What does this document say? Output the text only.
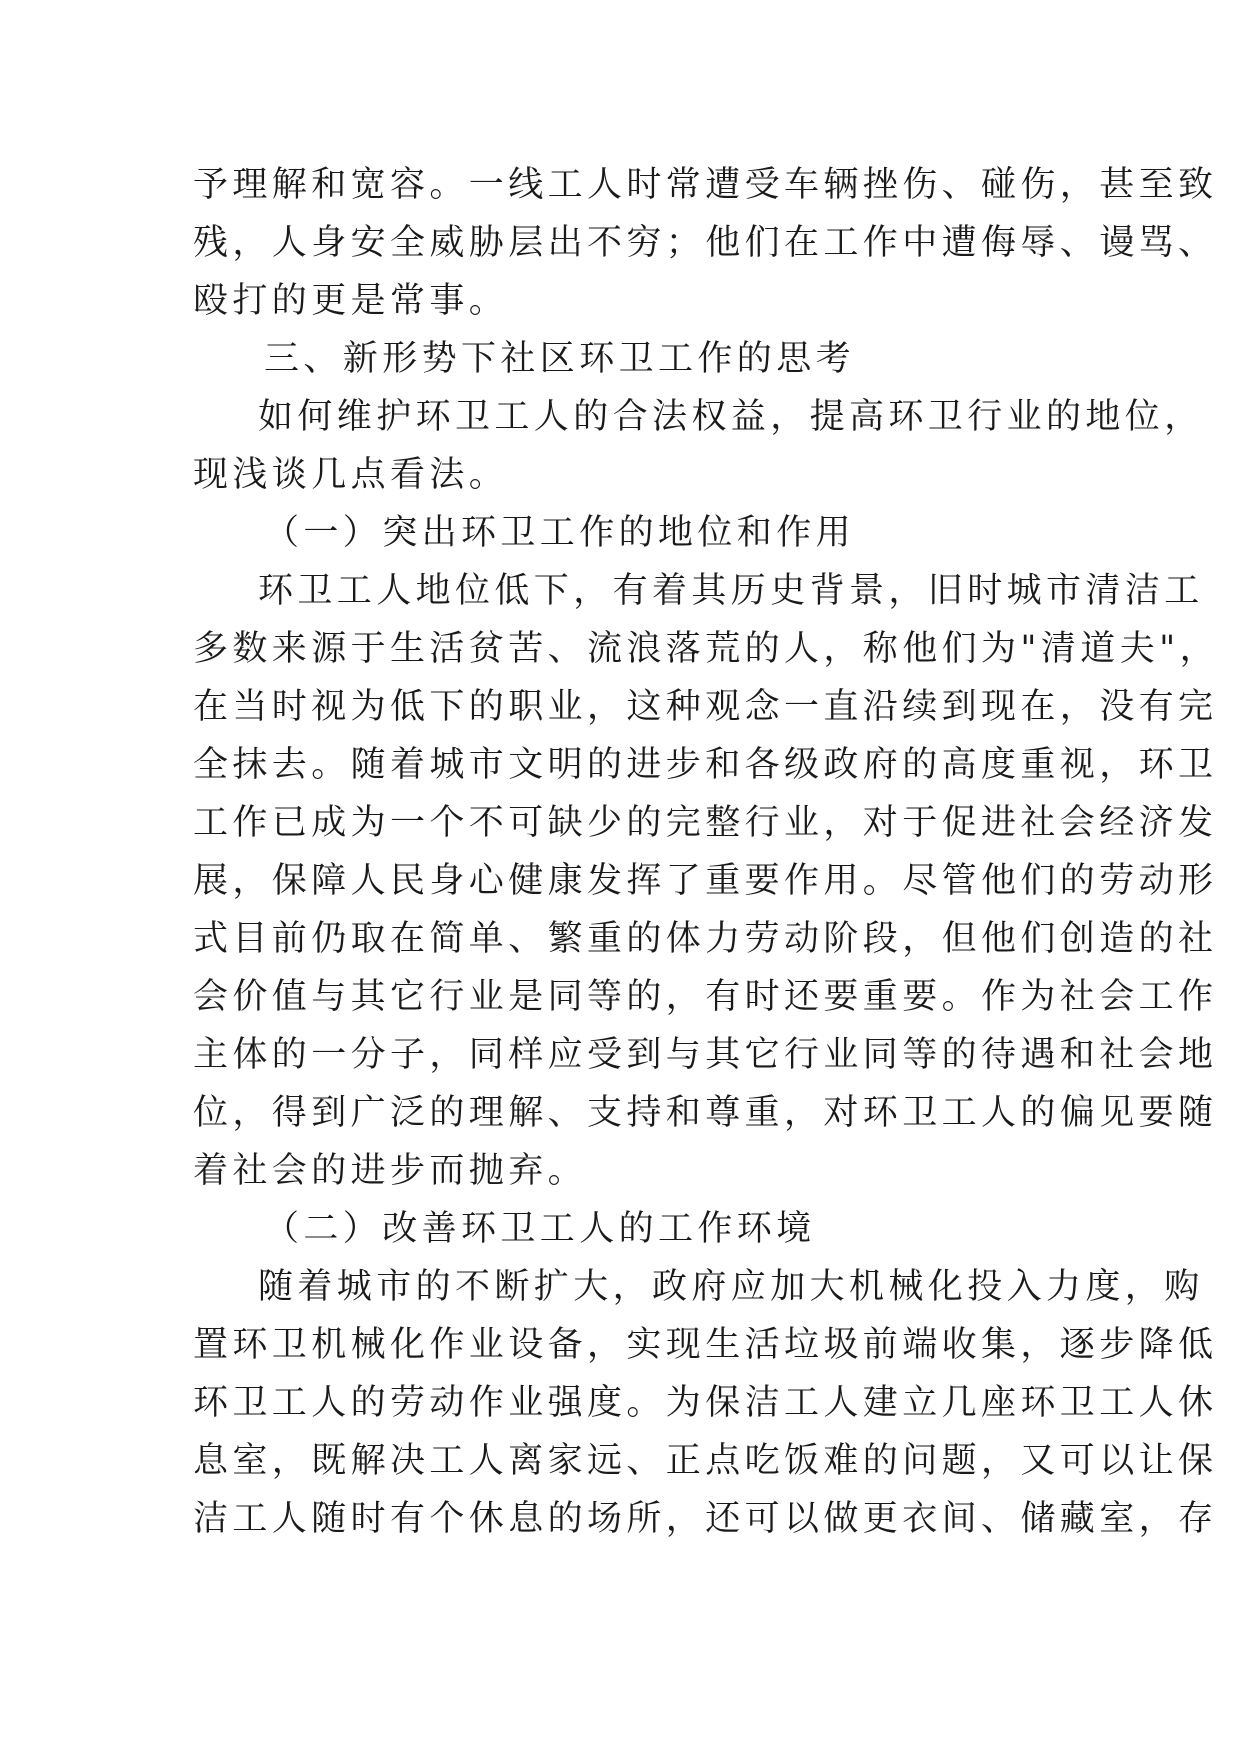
予理解和宽容。一线工人时常遭受车辆挫伤、碰伤，甚至致
残，人身安全威胁层出不穷；他们在工作中遭侮辱、谩骂、
殴打的更是常事。
三、新形势下社区环卫工作的思考
如何维护环卫工人的合法权益，提高环卫行业的地位，
现浅谈几点看法。
（一）突出环卫工作的地位和作用
环卫工人地位低下，有着其历史背景，旧时城市清洁工
多数来源于生活贫苦、流浪落荒的人，称他们为"清道夫"，
在当时视为低下的职业，这种观念一直沿续到现在，没有完
全抹去。随着城市文明的进步和各级政府的高度重视，环卫
工作已成为一个不可缺少的完整行业，对于促进社会经济发
展，保障人民身心健康发挥了重要作用。尽管他们的劳动形
式目前仍取在简单、繁重的体力劳动阶段，但他们创造的社
会价值与其它行业是同等的，有时还要重要。作为社会工作
主体的一分子，同样应受到与其它行业同等的待遇和社会地
位，得到广泛的理解、支持和尊重，对环卫工人的偏见要随
着社会的进步而抛弃。
（二）改善环卫工人的工作环境
随着城市的不断扩大，政府应加大机械化投入力度，购
置环卫机械化作业设备，实现生活垃圾前端收集，逐步降低
环卫工人的劳动作业强度。为保洁工人建立几座环卫工人休
息室，既解决工人离家远、正点吃饭难的问题，又可以让保
洁工人随时有个休息的场所，还可以做更衣间、储藏室，存
